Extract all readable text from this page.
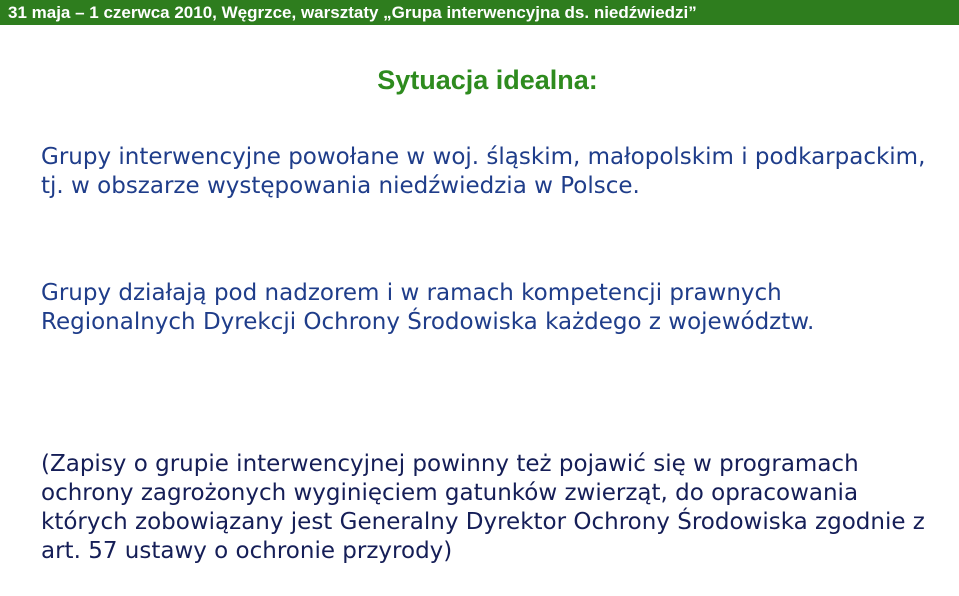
31 maja – 1 czerwca 2010, Węgrzce, warsztaty „Grupa interwencyjna ds. niedźwiedzi”
Sytuacja idealna:

Grupy interwencyjne powołane w woj. śląskim, małopolskim i podkarpackim, tj. w obszarze występowania niedźwiedzia w Polsce.

Grupy działają pod nadzorem i w ramach kompetencji prawnych Regionalnych Dyrekcji Ochrony Środowiska każdego z województw.

(Zapisy o grupie interwencyjnej powinny też pojawić się w programach ochrony zagrożonych wyginięciem gatunków zwierząt, do opracowania których zobowiązany jest Generalny Dyrektor Ochrony Środowiska zgodnie z art. 57 ustawy o ochronie przyrody)
